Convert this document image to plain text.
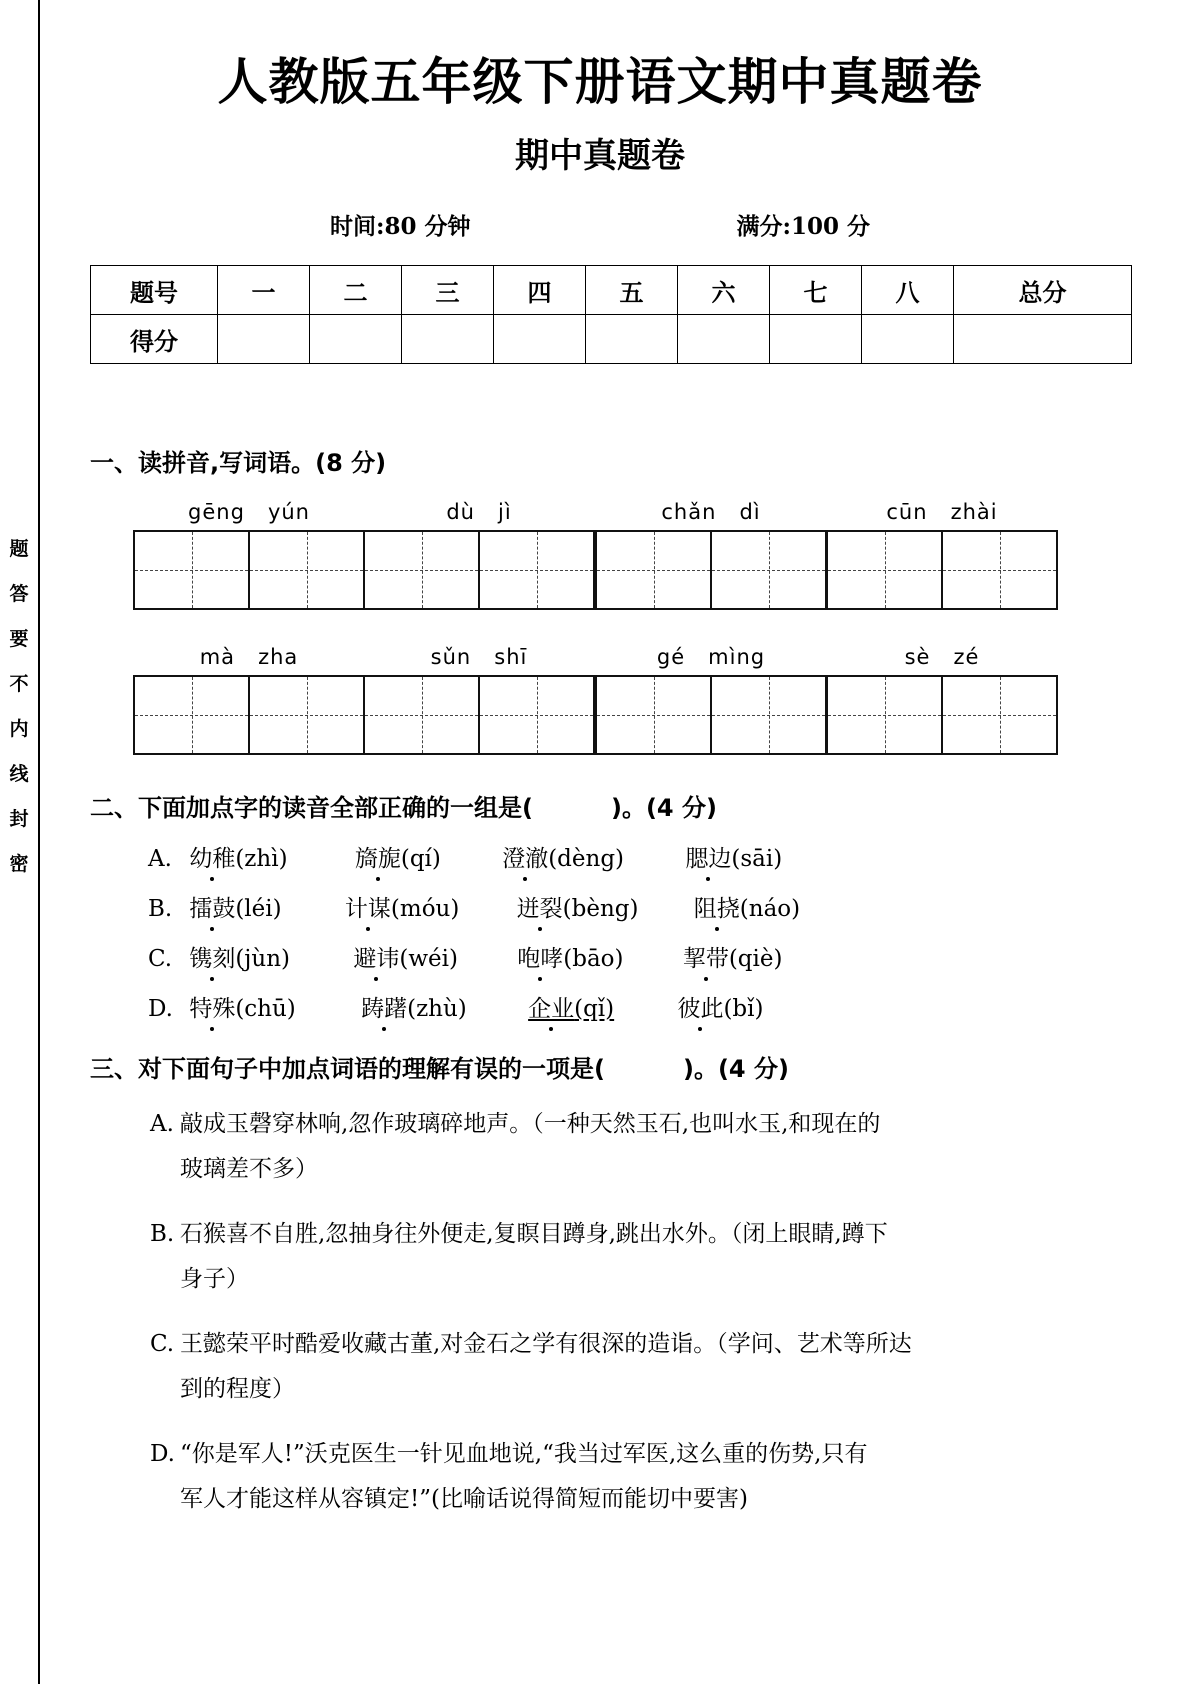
题
答
要
不
内
线
封
密
人教版五年级下册语文期中真题卷
期中真题卷
时间:80 分钟	满分:100 分
题号	一	二	三	四	五	六	七	八	总分
得分									
一、读拼音,写词语。(8 分)
gēng yún	dù jì	chǎn dì	cūn zhài
mà zha	sǔn shī	gé mìng	sè zé
二、下面加点字的读音全部正确的一组是(	)。(4 分)
A. 幼稚(zhì)	旖旎(qí)	澄澈(dèng)	腮边(sāi)
B. 擂鼓(léi)	计谋(móu) 迸裂(bèng) 阻挠(náo)
C. 镌刻(jùn)	避讳(wéi)	咆哮(bāo)	挈带(qiè)
D. 特殊(chū)	踌躇(zhù)	企业(qǐ)	彼此(bǐ)
三、对下面句子中加点词语的理解有误的一项是(	)。(4 分)
A. 敲成玉磬穿林响,忽作玻璃碎地声。（一种天然玉石,也叫水玉,和现在的
玻璃差不多）
B. 石猴喜不自胜,忽抽身往外便走,复瞑目蹲身,跳出水外。（闭上眼睛,蹲下
身子）
C. 王懿荣平时酷爱收藏古董,对金石之学有很深的造诣。（学问、艺术等所达
到的程度）
D. “你是军人!”沃克医生一针见血地说,“我当过军医,这么重的伤势,只有
军人才能这样从容镇定!”(比喻话说得简短而能切中要害)
